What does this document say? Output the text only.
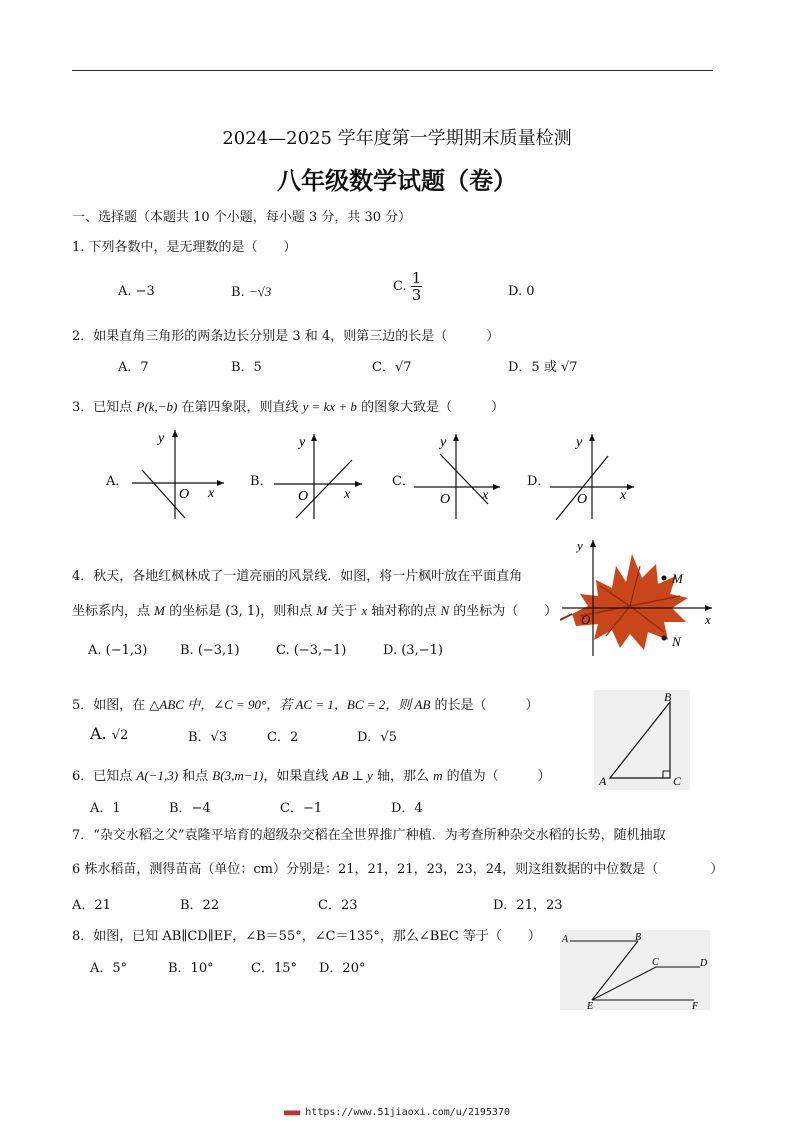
2024—2025 学年度第一学期期末质量检测
八年级数学试题（卷）
一、选择题（本题共 10 个小题，每小题 3 分，共 30 分）
1. 下列各数中，是无理数的是（　　）
A. −3	B. −√3	C. $\frac{1}{3}$	D. 0
2．如果直角三角形的两条边长分别是 3 和 4，则第三边的长是（　　　）
A．7	B．5	C．√7	D．5 或 √7
3．已知点 P(k,−b) 在第四象限，则直线 y = kx + b 的图象大致是（　　　）
A．	B．	C．	D．
y
x
O
y
x
O
y
x
O
y
x
O
4．秋天，各地红枫林成了一道亮丽的风景线．如图，将一片枫叶放在平面直角
坐标系内，点 M 的坐标是 (3, 1)，则和点 M 关于 x 轴对称的点 N 的坐标为（　　）
A. (−1,3)	B. (−3,1)	C. (−3,−1)	D. (3,−1)
y
x
O
M
N
5．如图，在 △ABC 中，∠C = 90°，若 AC = 1，BC = 2，则 AB 的长是（　　　）
A. √2	B．√3	C．2	D．√5
A
B
C
6．已知点 A(−1,3) 和点 B(3,m−1)，如果直线 AB ⊥ y 轴，那么 m 的值为（　　　）
A．1	B．−4	C．−1	D．4
7．“杂交水稻之父”袁隆平培育的超级杂交稻在全世界推广种植．为考查所种杂交水稻的长势，随机抽取
6 株水稻苗，测得苗高（单位：cm）分别是：21，21，21，23，23，24，则这组数据的中位数是（　　　　）
A．21	B．22	C．23	D．21，23
8．如图，已知 AB∥CD∥EF，∠B＝55°，∠C＝135°，那么∠BEC 等于（　　）
A．5°	B．10°	C．15° D．20°
A	B
C	D
E	F
■■■■ https://www.51jiaoxi.com/u/2195370
